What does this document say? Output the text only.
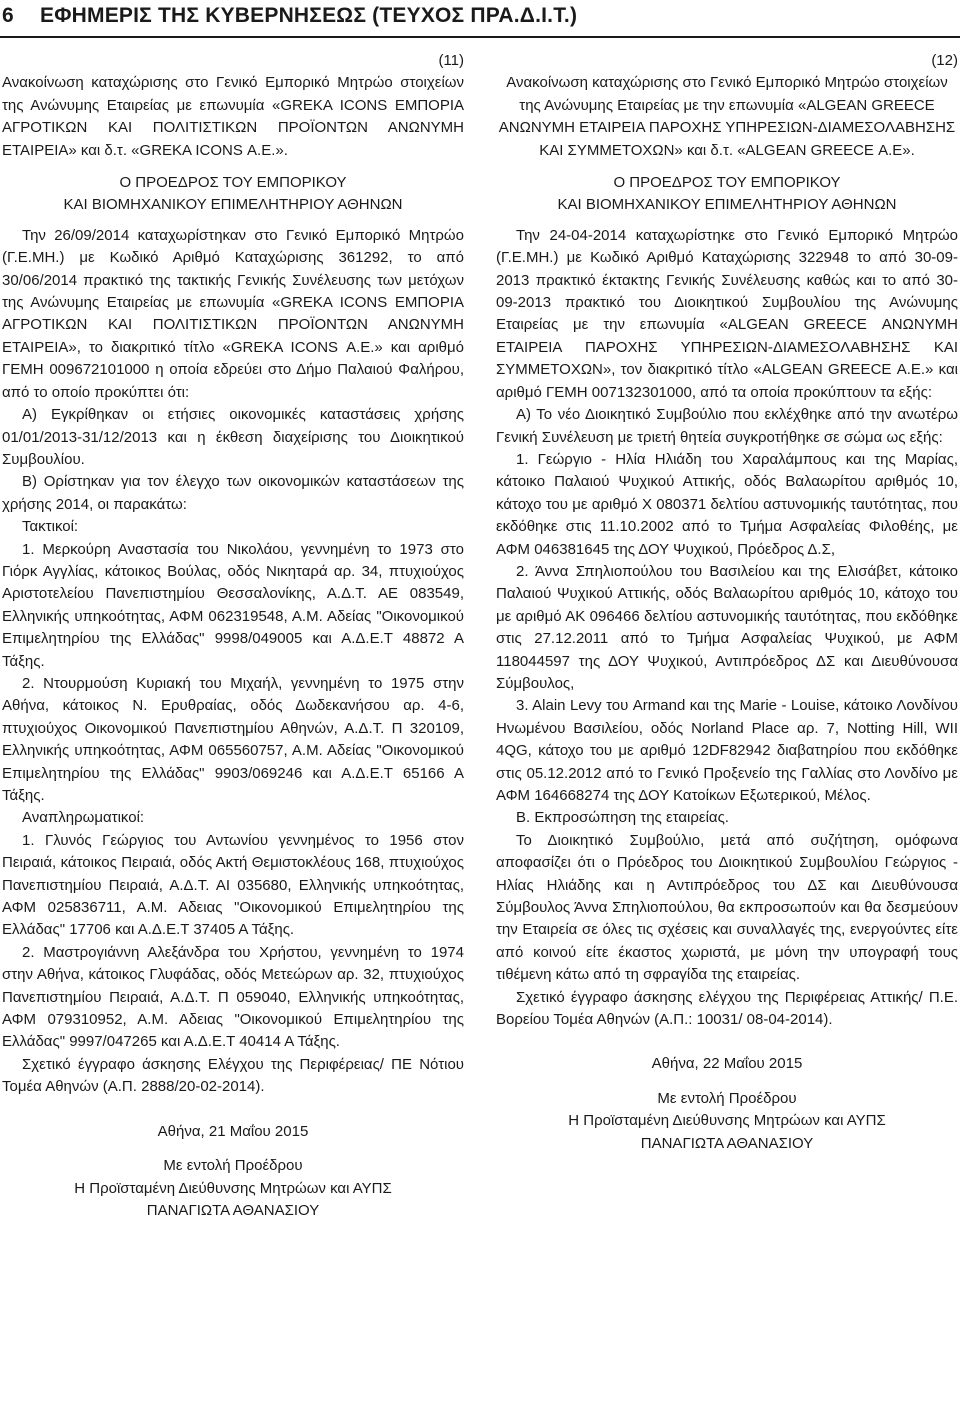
6 ΕΦΗΜΕΡΙΣ ΤΗΣ ΚΥΒΕΡΝΗΣΕΩΣ (ΤΕΥΧΟΣ ΠΡΑ.Δ.Ι.Τ.)
(11)
Ανακοίνωση καταχώρισης στο Γενικό Εμπορικό Μητρώο στοιχείων της Ανώνυμης Εταιρείας με επωνυμία «GREKA ICONS ΕΜΠΟΡΙΑ ΑΓΡΟΤΙΚΩΝ ΚΑΙ ΠΟΛΙΤΙΣΤΙΚΩΝ ΠΡΟΪΟΝΤΩΝ ΑΝΩΝΥΜΗ ΕΤΑΙΡΕΙΑ» και δ.τ. «GREKA ICONS Α.Ε.».
Ο ΠΡΟΕΔΡΟΣ ΤΟΥ ΕΜΠΟΡΙΚΟΥ
ΚΑΙ ΒΙΟΜΗΧΑΝΙΚΟΥ ΕΠΙΜΕΛΗΤΗΡΙΟΥ ΑΘΗΝΩΝ

Την 26/09/2014 καταχωρίστηκαν στο Γενικό Εμπορικό Μητρώο (Γ.Ε.ΜΗ.) με Κωδικό Αριθμό Καταχώρισης 361292, το από 30/06/2014 πρακτικό της τακτικής Γενικής Συνέλευσης των μετόχων της Ανώνυμης Εταιρείας με επωνυμία «GREKA ICONS ΕΜΠΟΡΙΑ ΑΓΡΟΤΙΚΩΝ ΚΑΙ ΠΟΛΙΤΙΣΤΙΚΩΝ ΠΡΟΪΟΝΤΩΝ ΑΝΩΝΥΜΗ ΕΤΑΙΡΕΙΑ», το διακριτικό τίτλο «GREKA ICONS Α.Ε.» και αριθμό ΓΕΜΗ 009672101000 η οποία εδρεύει στο Δήμο Παλαιού Φαλήρου, από το οποίο προκύπτει ότι:

Α) Εγκρίθηκαν οι ετήσιες οικονομικές καταστάσεις χρήσης 01/01/2013-31/12/2013 και η έκθεση διαχείρισης του Διοικητικού Συμβουλίου.

Β) Ορίστηκαν για τον έλεγχο των οικονομικών καταστάσεων της χρήσης 2014, οι παρακάτω:

Τακτικοί:

1. Μερκούρη Αναστασία του Νικολάου, γεννημένη το 1973 στο Γιόρκ Αγγλίας, κάτοικος Βούλας, οδός Νικηταρά αρ. 34, πτυχιούχος Αριστοτελείου Πανεπιστημίου Θεσσαλονίκης, Α.Δ.Τ. ΑΕ 083549, Ελληνικής υπηκοότητας, ΑΦΜ 062319548, Α.Μ. Αδείας "Οικονομικού Επιμελητηρίου της Ελλάδας" 9998/049005 και Α.Δ.Ε.Τ 48872 Α Τάξης.

2. Ντουρμούση Κυριακή του Μιχαήλ, γεννημένη το 1975 στην Αθήνα, κάτοικος Ν. Ερυθραίας, οδός Δωδεκανήσου αρ. 4-6, πτυχιούχος Οικονομικού Πανεπιστημίου Αθηνών, Α.Δ.Τ. Π 320109, Ελληνικής υπηκοότητας, ΑΦΜ 065560757, Α.Μ. Αδείας "Οικονομικού Επιμελητηρίου της Ελλάδας" 9903/069246 και Α.Δ.Ε.Τ 65166 Α Τάξης.

Αναπληρωματικοί:

1. Γλυνός Γεώργιος του Αντωνίου γεννημένος το 1956 στον Πειραιά, κάτοικος Πειραιά, οδός Ακτή Θεμιστοκλέους 168, πτυχιούχος Πανεπιστημίου Πειραιά, Α.Δ.Τ. ΑΙ 035680, Ελληνικής υπηκοότητας, ΑΦΜ 025836711, Α.Μ. Αδειας "Οικονομικού Επιμελητηρίου της Ελλάδας" 17706 και Α.Δ.Ε.Τ 37405 Α Τάξης.

2. Μαστρογιάννη Αλεξάνδρα του Χρήστου, γεννημένη το 1974 στην Αθήνα, κάτοικος Γλυφάδας, οδός Μετεώρων αρ. 32, πτυχιούχος Πανεπιστημίου Πειραιά, Α.Δ.Τ. Π 059040, Ελληνικής υπηκοότητας, ΑΦΜ 079310952, Α.Μ. Αδειας "Οικονομικού Επιμελητηρίου της Ελλάδας" 9997/047265 και Α.Δ.Ε.Τ 40414 Α Τάξης.

Σχετικό έγγραφο άσκησης Ελέγχου της Περιφέρειας/ ΠΕ Νότιου Τομέα Αθηνών (Α.Π. 2888/20-02-2014).

Αθήνα, 21 Μαΐου 2015
Με εντολή Προέδρου
Η Προϊσταμένη Διεύθυνσης Μητρώων και ΑΥΠΣ
ΠΑΝΑΓΙΩΤΑ ΑΘΑΝΑΣΙΟΥ
(12)
Ανακοίνωση καταχώρισης στο Γενικό Εμπορικό Μητρώο στοιχείων της Ανώνυμης Εταιρείας με την επωνυμία «ALGEAN GREECE ΑΝΩΝΥΜΗ ΕΤΑΙΡΕΙΑ ΠΑΡΟΧΗΣ ΥΠΗΡΕΣΙΩΝ-ΔΙΑΜΕΣΟΛΑΒΗΣΗΣ ΚΑΙ ΣΥΜΜΕΤΟΧΩΝ» και δ.τ. «ALGEAN GREECE Α.Ε».
Ο ΠΡΟΕΔΡΟΣ ΤΟΥ ΕΜΠΟΡΙΚΟΥ
ΚΑΙ ΒΙΟΜΗΧΑΝΙΚΟΥ ΕΠΙΜΕΛΗΤΗΡΙΟΥ ΑΘΗΝΩΝ

Την 24-04-2014 καταχωρίστηκε στο Γενικό Εμπορικό Μητρώο (Γ.Ε.ΜΗ.) με Κωδικό Αριθμό Καταχώρισης 322948 το από 30-09-2013 πρακτικό έκτακτης Γενικής Συνέλευσης καθώς και το από 30-09-2013 πρακτικό του Διοικητικού Συμβουλίου της Ανώνυμης Εταιρείας με την επωνυμία «ALGEAN GREECE ΑΝΩΝΥΜΗ ΕΤΑΙΡΕΙΑ ΠΑΡΟΧΗΣ ΥΠΗΡΕΣΙΩΝ-ΔΙΑΜΕΣΟΛΑΒΗΣΗΣ ΚΑΙ ΣΥΜΜΕΤΟΧΩΝ», τον διακριτικό τίτλο «ALGEAN GREECE Α.Ε.» και αριθμό ΓΕΜΗ 007132301000, από τα οποία προκύπτουν τα εξής:

Α) Το νέο Διοικητικό Συμβούλιο που εκλέχθηκε από την ανωτέρω Γενική Συνέλευση με τριετή θητεία συγκροτήθηκε σε σώμα ως εξής:

1. Γεώργιο - Ηλία Ηλιάδη του Χαραλάμπους και της Μαρίας, κάτοικο Παλαιού Ψυχικού Αττικής, οδός Βαλαωρίτου αριθμός 10, κάτοχο του με αριθμό Χ 080371 δελτίου αστυνομικής ταυτότητας, που εκδόθηκε στις 11.10.2002 από το Τμήμα Ασφαλείας Φιλοθέης, με ΑΦΜ 046381645 της ΔΟΥ Ψυχικού, Πρόεδρος Δ.Σ,

2. Άννα Σπηλιοπούλου του Βασιλείου και της Ελισάβετ, κάτοικο Παλαιού Ψυχικού Αττικής, οδός Βαλαωρίτου αριθμός 10, κάτοχο του με αριθμό ΑΚ 096466 δελτίου αστυνομικής ταυτότητας, που εκδόθηκε στις 27.12.2011 από το Τμήμα Ασφαλείας Ψυχικού, με ΑΦΜ 118044597 της ΔΟΥ Ψυχικού, Αντιπρόεδρος ΔΣ και Διευθύνουσα Σύμβουλος,

3. Alain Levy του Armand και της Marie - Louise, κάτοικο Λονδίνου Ηνωμένου Βασιλείου, οδός Norland Place αρ. 7, Notting Hill, WII 4QG, κάτοχο του με αριθμό 12DF82942 διαβατηρίου που εκδόθηκε στις 05.12.2012 από το Γενικό Προξενείο της Γαλλίας στο Λονδίνο με ΑΦΜ 164668274 της ΔΟΥ Κατοίκων Εξωτερικού, Μέλος.

Β. Εκπροσώπηση της εταιρείας.

Το Διοικητικό Συμβούλιο, μετά από συζήτηση, ομόφωνα αποφασίζει ότι ο Πρόεδρος του Διοικητικού Συμβουλίου Γεώργιος - Ηλίας Ηλιάδης και η Αντιπρόεδρος του ΔΣ και Διευθύνουσα Σύμβουλος Άννα Σπηλιοπούλου, θα εκπροσωπούν και θα δεσμεύουν την Εταιρεία σε όλες τις σχέσεις και συναλλαγές της, ενεργούντες είτε από κοινού είτε έκαστος χωριστά, με μόνη την υπογραφή τους τιθέμενη κάτω από τη σφραγίδα της εταιρείας.

Σχετικό έγγραφο άσκησης ελέγχου της Περιφέρειας Αττικής/ Π.Ε. Βορείου Τομέα Αθηνών (Α.Π.: 10031/ 08-04-2014).

Αθήνα, 22 Μαΐου 2015
Με εντολή Προέδρου
Η Προϊσταμένη Διεύθυνσης Μητρώων και ΑΥΠΣ
ΠΑΝΑΓΙΩΤΑ ΑΘΑΝΑΣΙΟΥ
